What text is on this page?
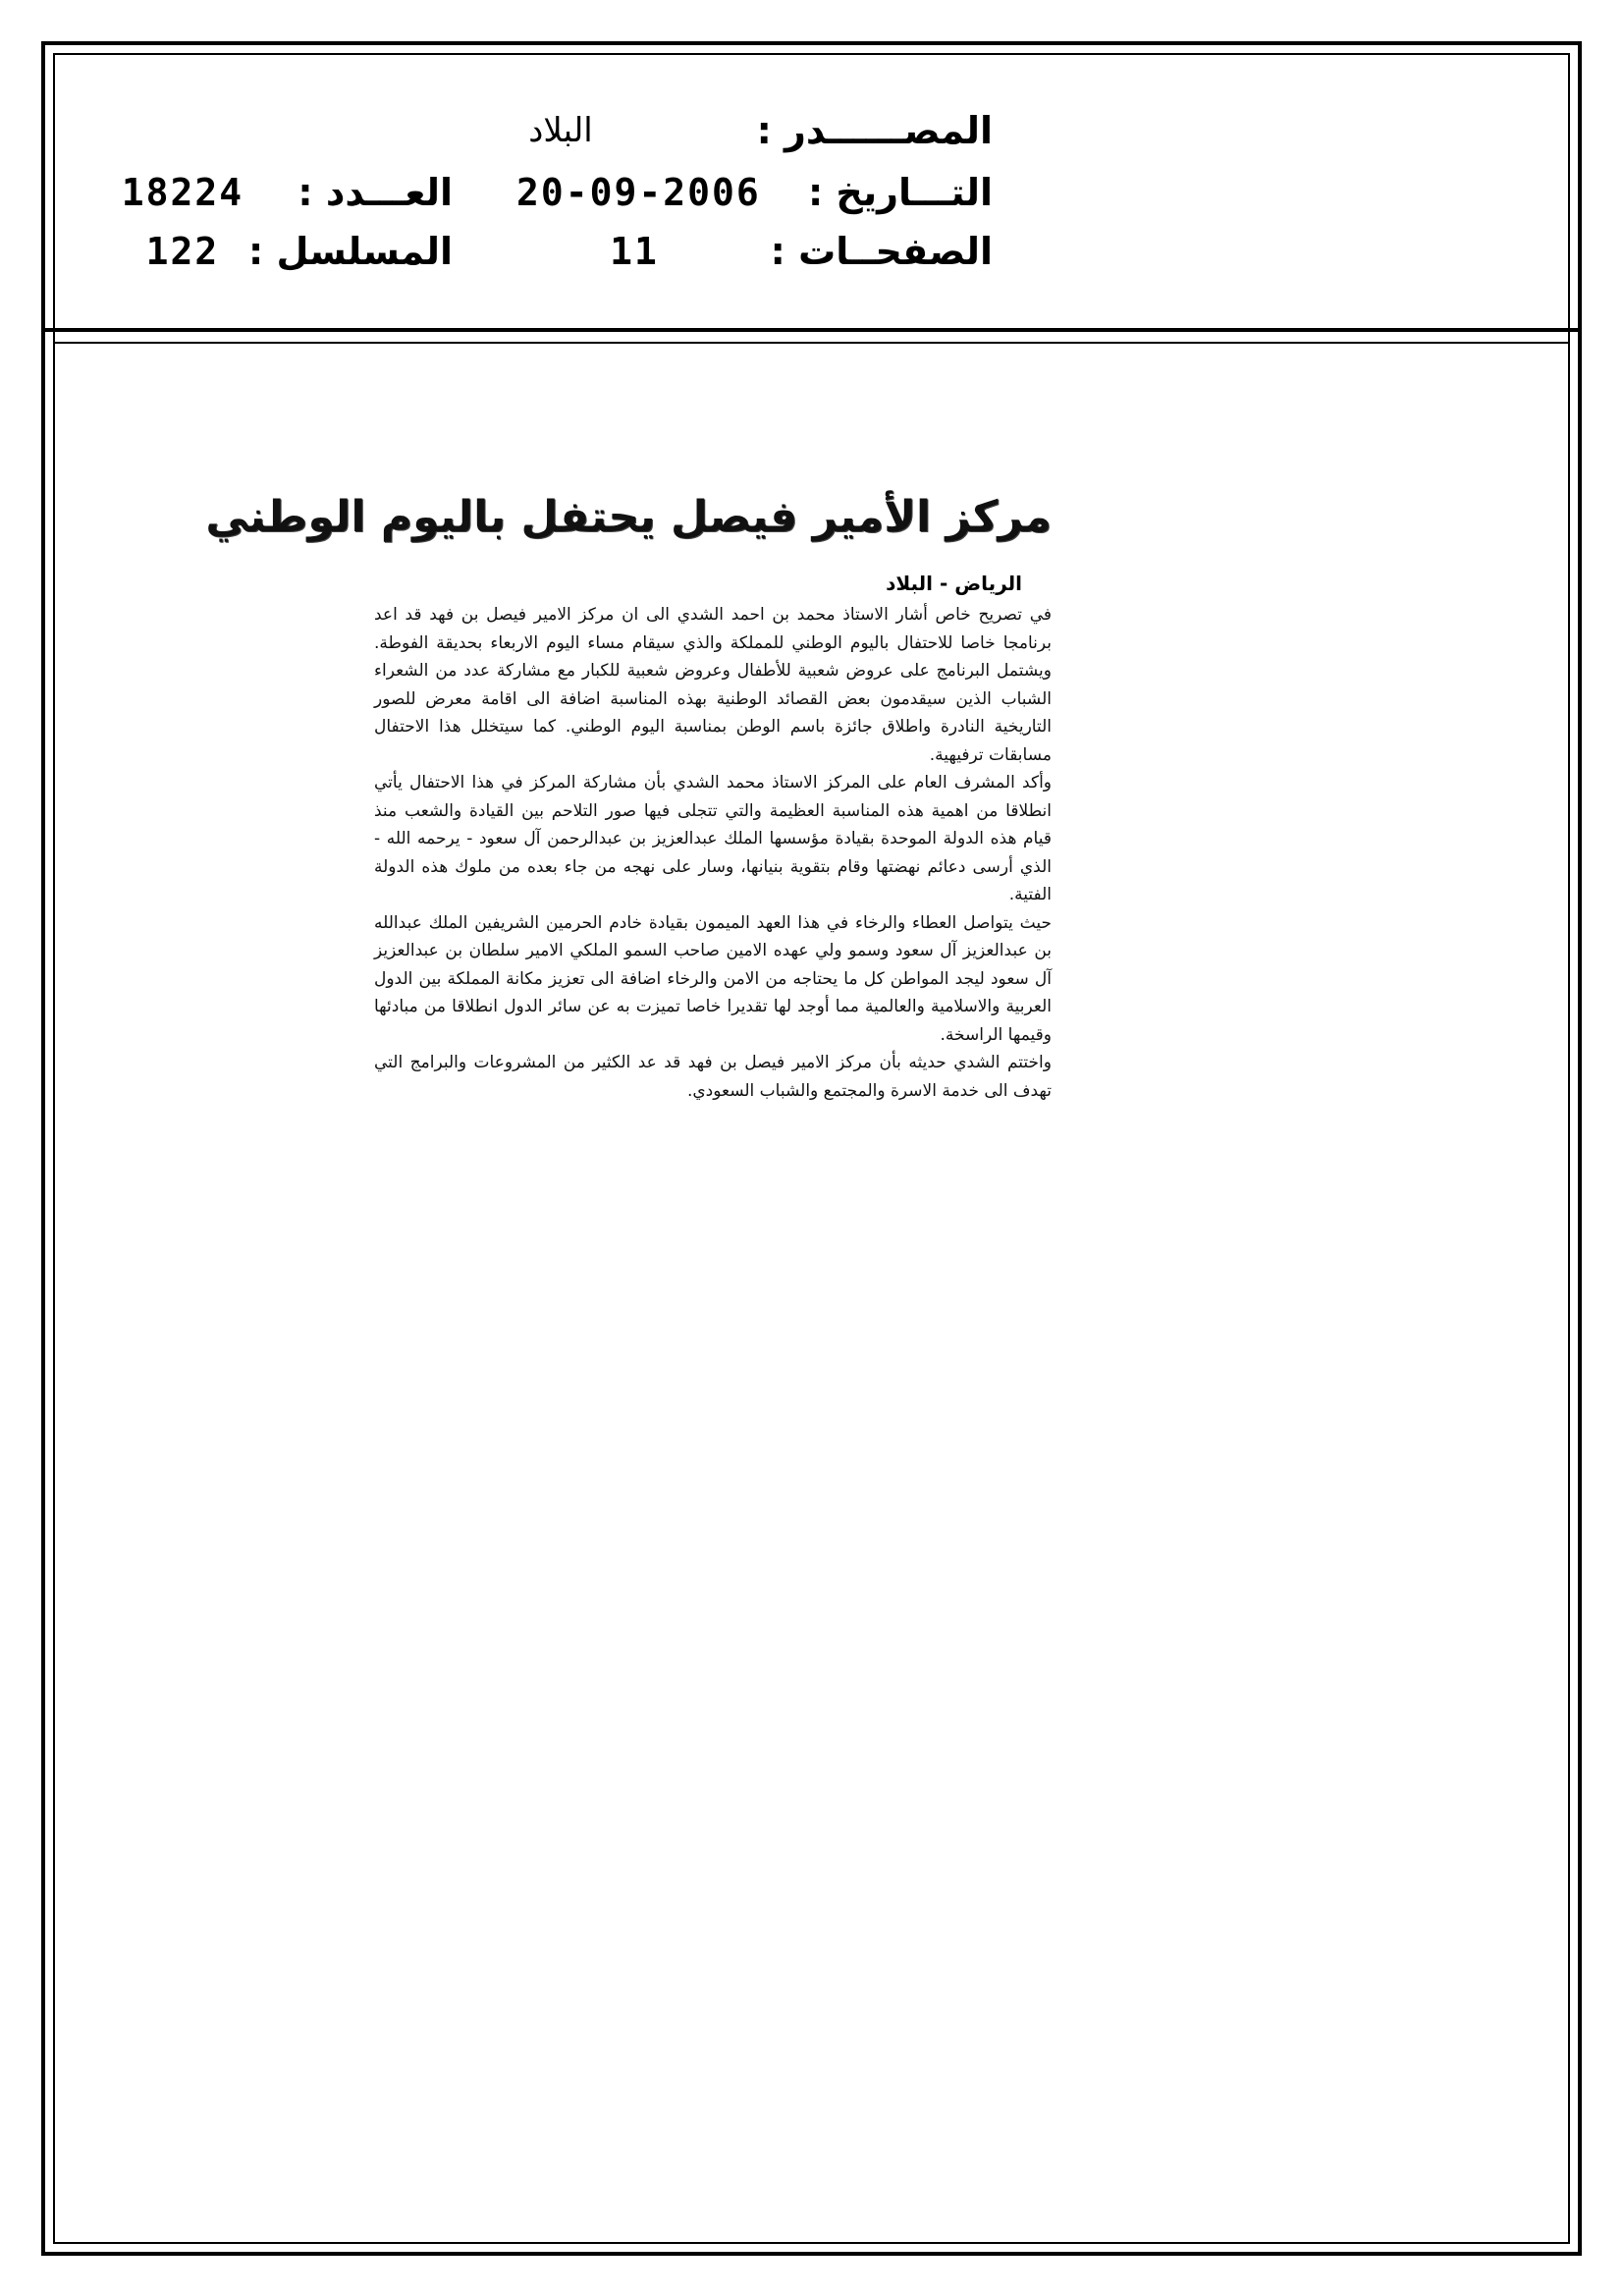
المصــــــدر :
البلاد
التـــاريخ :
20-09-2006
العـــدد :
18224
الصفحــات :
11
المسلسل :
122
مركز الأمير فيصل يحتفل باليوم الوطني
الرياض - البلاد

في تصريح خاص أشار الاستاذ محمد بن احمد الشدي الى ان مركز الامير فيصل بن فهد قد اعد برنامجا خاصا للاحتفال باليوم الوطني للمملكة والذي سيقام مساء اليوم الاربعاء بحديقة الفوطة. ويشتمل البرنامج على عروض شعبية للأطفال وعروض شعبية للكبار مع مشاركة عدد من الشعراء الشباب الذين سيقدمون بعض القصائد الوطنية بهذه المناسبة اضافة الى اقامة معرض للصور التاريخية النادرة واطلاق جائزة باسم الوطن بمناسبة اليوم الوطني. كما سيتخلل هذا الاحتفال مسابقات ترفيهية.

وأكد المشرف العام على المركز الاستاذ محمد الشدي بأن مشاركة المركز في هذا الاحتفال يأتي انطلاقا من اهمية هذه المناسبة العظيمة والتي تتجلى فيها صور التلاحم بين القيادة والشعب منذ قيام هذه الدولة الموحدة بقيادة مؤسسها الملك عبدالعزيز بن عبدالرحمن آل سعود - يرحمه الله - الذي أرسى دعائم نهضتها وقام بتقوية بنيانها، وسار على نهجه من جاء بعده من ملوك هذه الدولة الفتية.

حيث يتواصل العطاء والرخاء في هذا العهد الميمون بقيادة خادم الحرمين الشريفين الملك عبدالله بن عبدالعزيز آل سعود وسمو ولي عهده الامين صاحب السمو الملكي الامير سلطان بن عبدالعزيز آل سعود ليجد المواطن كل ما يحتاجه من الامن والرخاء اضافة الى تعزيز مكانة المملكة بين الدول العربية والاسلامية والعالمية مما أوجد لها تقديرا خاصا تميزت به عن سائر الدول انطلاقا من مبادئها وقيمها الراسخة.

واختتم الشدي حديثه بأن مركز الامير فيصل بن فهد قد عد الكثير من المشروعات والبرامج التي تهدف الى خدمة الاسرة والمجتمع والشباب السعودي.
